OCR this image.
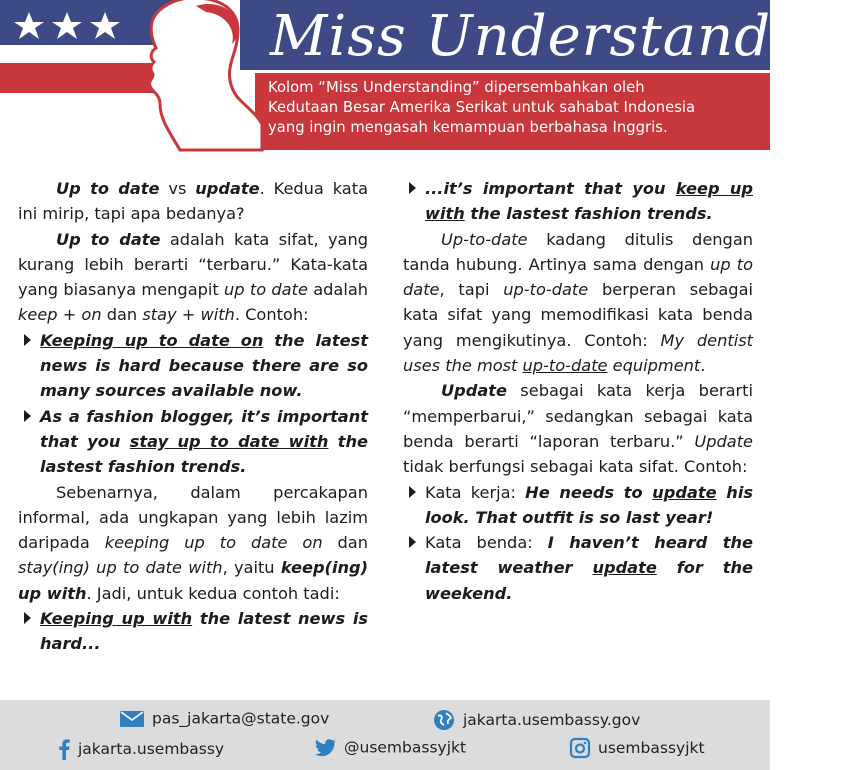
Miss Understanding
Kolom “Miss Understanding” dipersembahkan oleh
Kedutaan Besar Amerika Serikat untuk sahabat Indonesia
yang ingin mengasah kemampuan berbahasa Inggris.

Up to date vs update. Kedua kata ini mirip, tapi apa bedanya?

Up to date adalah kata sifat, yang kurang lebih berarti “terbaru.” Kata-kata yang biasanya mengapit up to date adalah keep + on dan stay + with. Contoh:

Keeping up to date on the latest news is hard because there are so many sources available now.

As a fashion blogger, it’s important that you stay up to date with the lastest fashion trends.

Sebenarnya, dalam percakapan informal, ada ungkapan yang lebih lazim daripada keeping up to date on dan stay(ing) up to date with, yaitu keep(ing) up with. Jadi, untuk kedua contoh tadi:

Keeping up with the latest news is hard...

...it’s important that you keep up with the lastest fashion trends.

Up-to-date kadang ditulis dengan tanda hubung. Artinya sama dengan up to date, tapi up-to-date berperan sebagai kata sifat yang memodifikasi kata benda yang mengikutinya. Contoh: My dentist uses the most up-to-date equipment.

Update sebagai kata kerja berarti “memperbarui,” sedangkan sebagai kata benda berarti “laporan terbaru.” Update tidak berfungsi sebagai kata sifat. Contoh:

Kata kerja: He needs to update his look. That outfit is so last year!

Kata benda: I haven’t heard the latest weather update for the weekend.

pas_jakarta@state.gov	jakarta.usembassy.gov
jakarta.usembassy	@usembassyjkt	usembassyjkt
